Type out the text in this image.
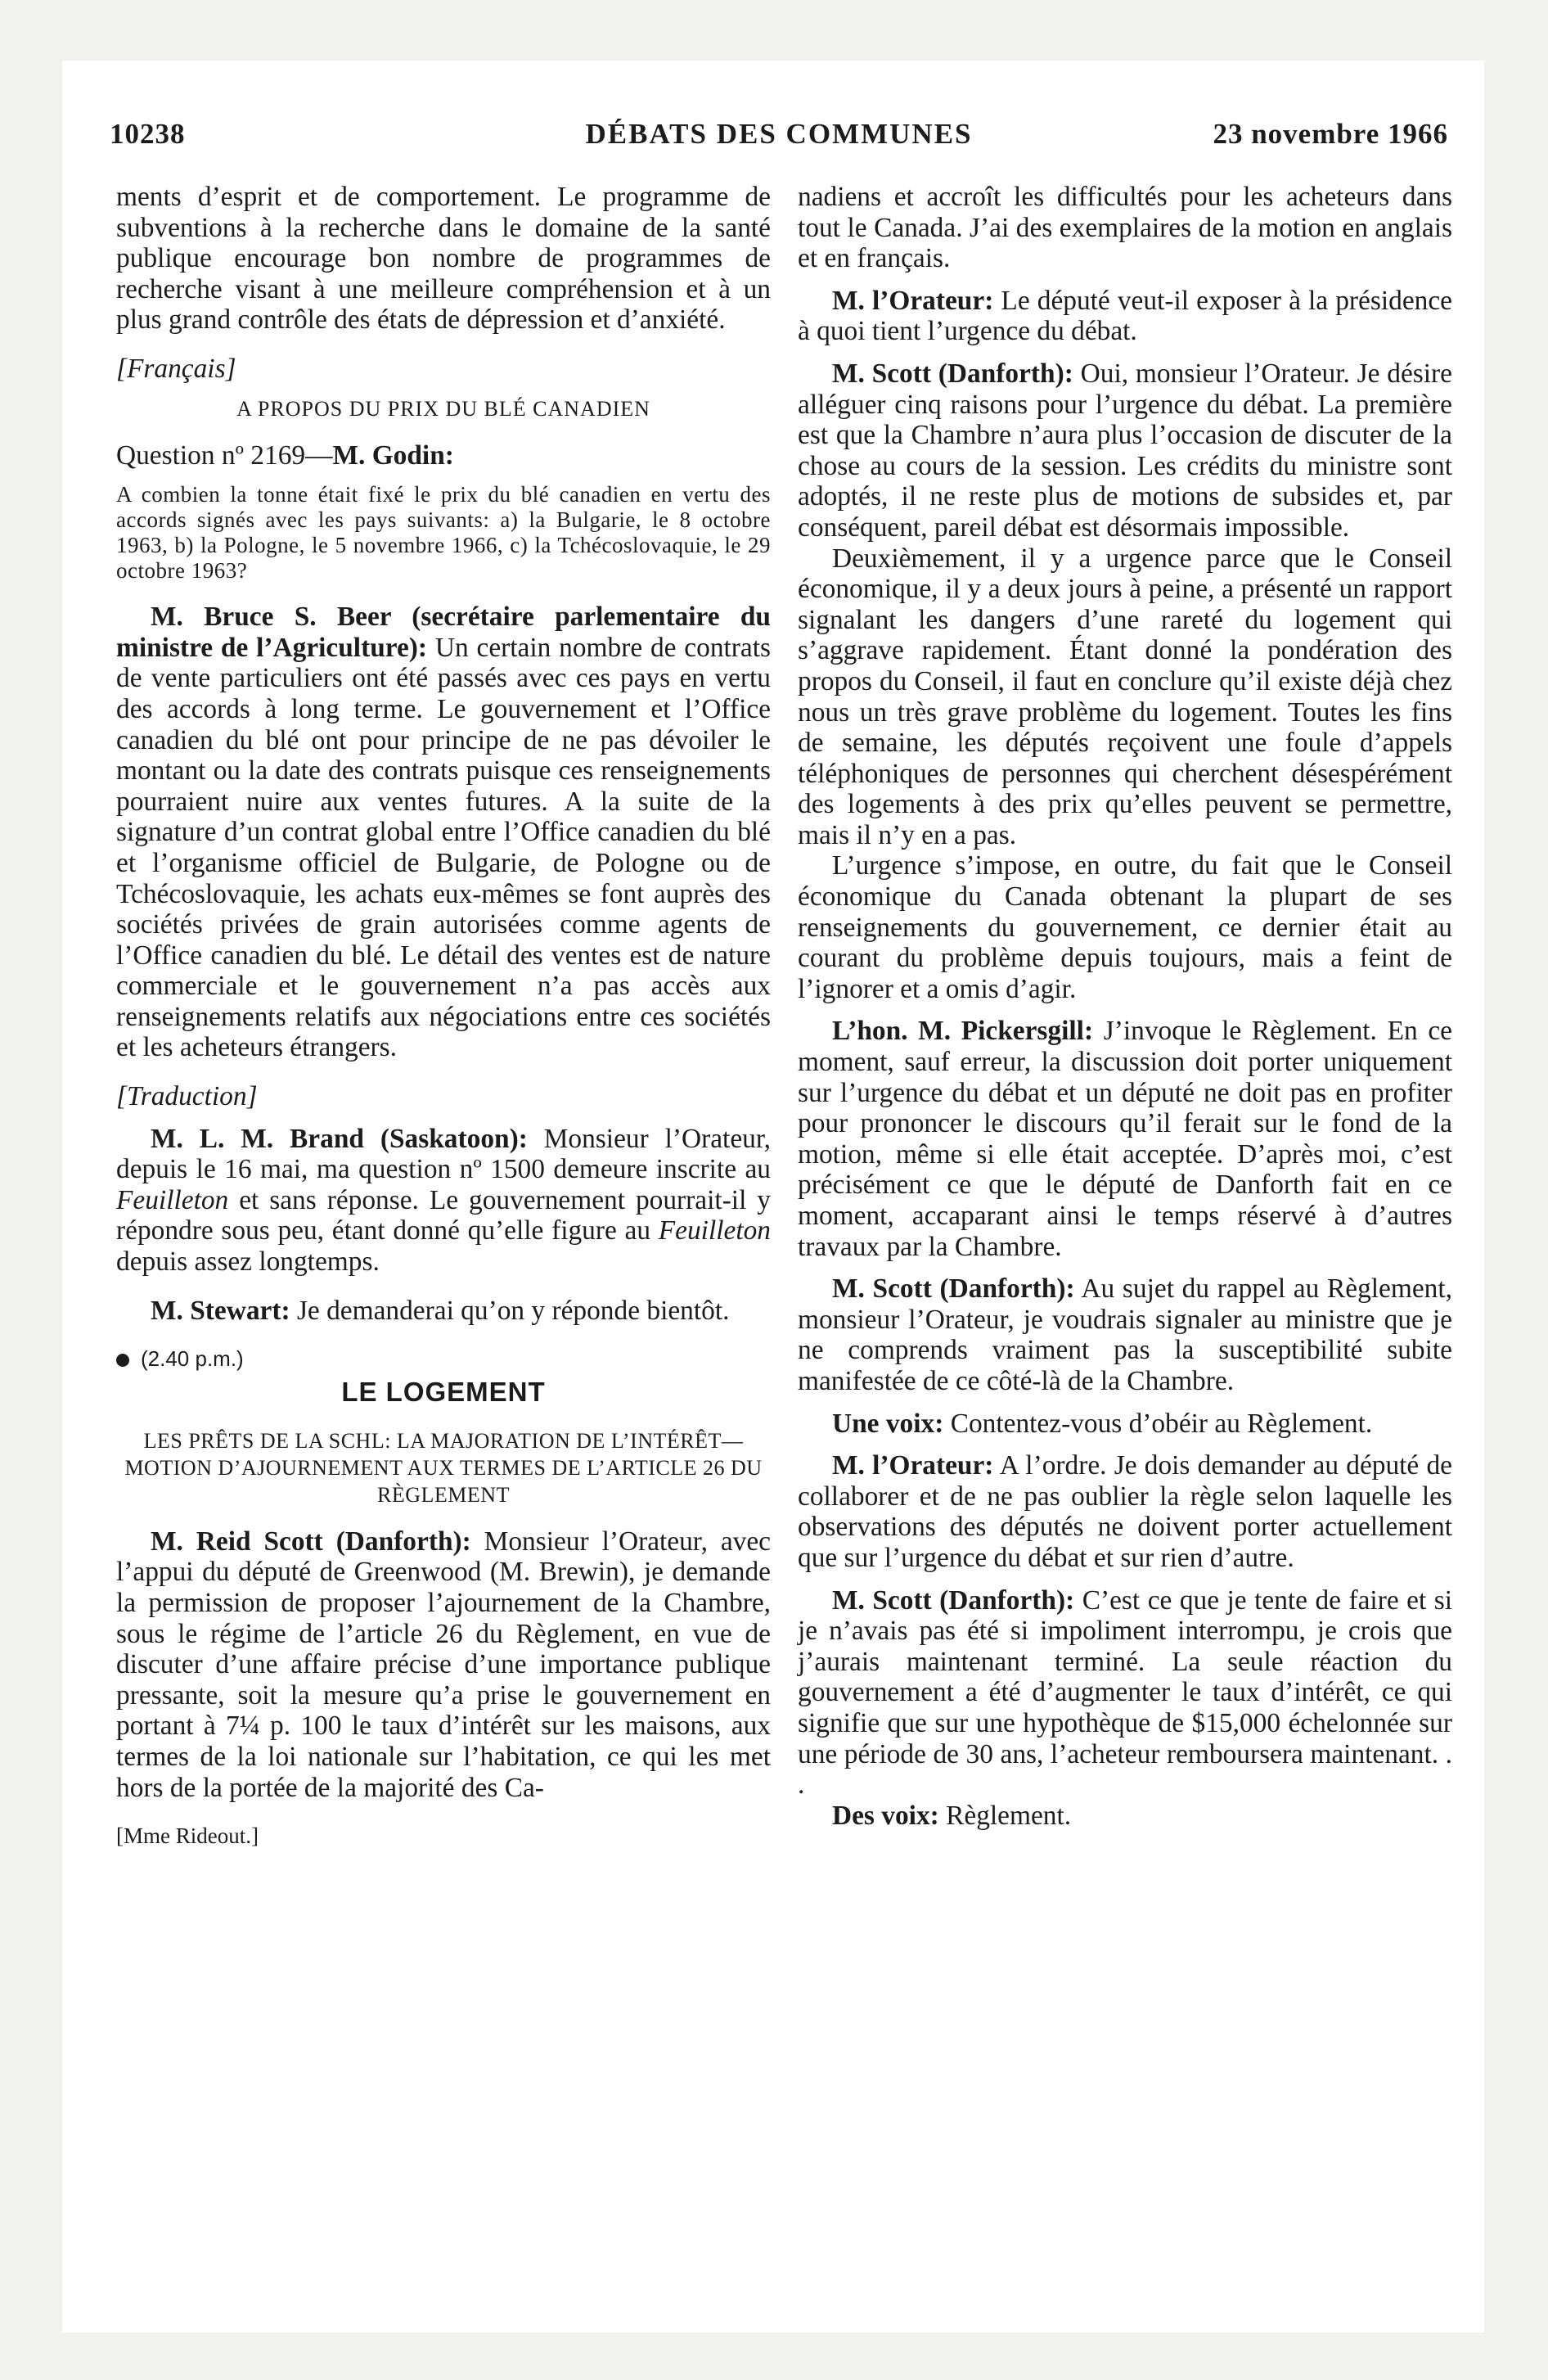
10238	DÉBATS DES COMMUNES	23 novembre 1966

ments d’esprit et de comportement. Le programme de subventions à la recherche dans le domaine de la santé publique encourage bon nombre de programmes de recherche visant à une meilleure compréhension et à un plus grand contrôle des états de dépression et d’anxiété.

[Français]

A PROPOS DU PRIX DU BLÉ CANADIEN

Question nº 2169—M. Godin:

A combien la tonne était fixé le prix du blé canadien en vertu des accords signés avec les pays suivants: a) la Bulgarie, le 8 octobre 1963, b) la Pologne, le 5 novembre 1966, c) la Tchécoslovaquie, le 29 octobre 1963?

M. Bruce S. Beer (secrétaire parlementaire du ministre de l’Agriculture): Un certain nombre de contrats de vente particuliers ont été passés avec ces pays en vertu des accords à long terme. Le gouvernement et l’Office canadien du blé ont pour principe de ne pas dévoiler le montant ou la date des contrats puisque ces renseignements pourraient nuire aux ventes futures. A la suite de la signature d’un contrat global entre l’Office canadien du blé et l’organisme officiel de Bulgarie, de Pologne ou de Tchécoslovaquie, les achats eux-mêmes se font auprès des sociétés privées de grain autorisées comme agents de l’Office canadien du blé. Le détail des ventes est de nature commerciale et le gouvernement n’a pas accès aux renseignements relatifs aux négociations entre ces sociétés et les acheteurs étrangers.

[Traduction]

M. L. M. Brand (Saskatoon): Monsieur l’Orateur, depuis le 16 mai, ma question nº 1500 demeure inscrite au Feuilleton et sans réponse. Le gouvernement pourrait-il y répondre sous peu, étant donné qu’elle figure au Feuilleton depuis assez longtemps.

M. Stewart: Je demanderai qu’on y réponde bientôt.

(2.40 p.m.)

LE LOGEMENT

LES PRÊTS DE LA SCHL: LA MAJORATION DE L’INTÉRÊT—MOTION D’AJOURNEMENT AUX TERMES DE L’ARTICLE 26 DU RÈGLEMENT

M. Reid Scott (Danforth): Monsieur l’Orateur, avec l’appui du député de Greenwood (M. Brewin), je demande la permission de proposer l’ajournement de la Chambre, sous le régime de l’article 26 du Règlement, en vue de discuter d’une affaire précise d’une importance publique pressante, soit la mesure qu’a prise le gouvernement en portant à 7¼ p. 100 le taux d’intérêt sur les maisons, aux termes de la loi nationale sur l’habitation, ce qui les met hors de la portée de la majorité des Ca-

[Mme Rideout.]

nadiens et accroît les difficultés pour les acheteurs dans tout le Canada. J’ai des exemplaires de la motion en anglais et en français.

M. l’Orateur: Le député veut-il exposer à la présidence à quoi tient l’urgence du débat.

M. Scott (Danforth): Oui, monsieur l’Orateur. Je désire alléguer cinq raisons pour l’urgence du débat. La première est que la Chambre n’aura plus l’occasion de discuter de la chose au cours de la session. Les crédits du ministre sont adoptés, il ne reste plus de motions de subsides et, par conséquent, pareil débat est désormais impossible.

Deuxièmement, il y a urgence parce que le Conseil économique, il y a deux jours à peine, a présenté un rapport signalant les dangers d’une rareté du logement qui s’aggrave rapidement. Étant donné la pondération des propos du Conseil, il faut en conclure qu’il existe déjà chez nous un très grave problème du logement. Toutes les fins de semaine, les députés reçoivent une foule d’appels téléphoniques de personnes qui cherchent désespérément des logements à des prix qu’elles peuvent se permettre, mais il n’y en a pas.

L’urgence s’impose, en outre, du fait que le Conseil économique du Canada obtenant la plupart de ses renseignements du gouvernement, ce dernier était au courant du problème depuis toujours, mais a feint de l’ignorer et a omis d’agir.

L’hon. M. Pickersgill: J’invoque le Règlement. En ce moment, sauf erreur, la discussion doit porter uniquement sur l’urgence du débat et un député ne doit pas en profiter pour prononcer le discours qu’il ferait sur le fond de la motion, même si elle était acceptée. D’après moi, c’est précisément ce que le député de Danforth fait en ce moment, accaparant ainsi le temps réservé à d’autres travaux par la Chambre.

M. Scott (Danforth): Au sujet du rappel au Règlement, monsieur l’Orateur, je voudrais signaler au ministre que je ne comprends vraiment pas la susceptibilité subite manifestée de ce côté-là de la Chambre.

Une voix: Contentez-vous d’obéir au Règlement.

M. l’Orateur: A l’ordre. Je dois demander au député de collaborer et de ne pas oublier la règle selon laquelle les observations des députés ne doivent porter actuellement que sur l’urgence du débat et sur rien d’autre.

M. Scott (Danforth): C’est ce que je tente de faire et si je n’avais pas été si impoliment interrompu, je crois que j’aurais maintenant terminé. La seule réaction du gouvernement a été d’augmenter le taux d’intérêt, ce qui signifie que sur une hypothèque de $15,000 échelonnée sur une période de 30 ans, l’acheteur remboursera maintenant. . .

Des voix: Règlement.
